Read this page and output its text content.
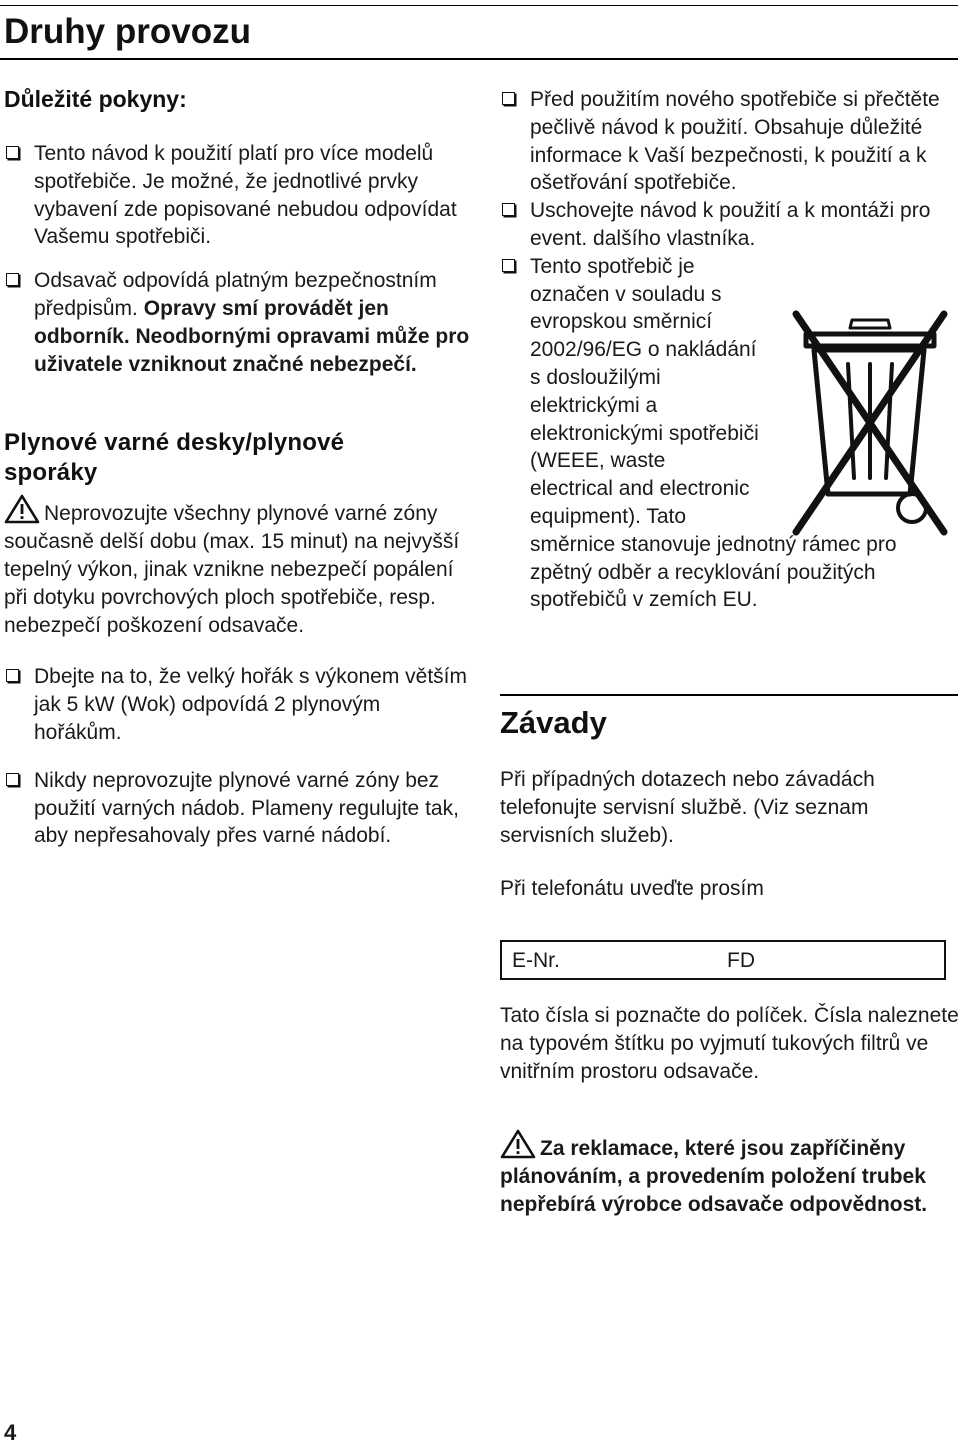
Druhy provozu

Důležité pokyny:

Tento návod k použití platí pro více modelů spotřebiče. Je možné, že jednotlivé prvky vybavení zde popisované nebudou odpovídat Vašemu spotřebiči.

Odsavač odpovídá platným bezpečnostním předpisům. Opravy smí provádět jen odborník. Neodbornými opravami může pro uživatele vzniknout značné nebezpečí.

Plynové varné desky/plynové sporáky

Neprovozujte všechny plynové varné zóny současně delší dobu (max. 15 minut) na nejvyšší tepelný výkon, jinak vznikne nebezpečí popálení při dotyku povrchových ploch spotřebiče, resp. nebezpečí poškození odsavače.

Dbejte na to, že velký hořák s výkonem větším jak 5 kW (Wok) odpovídá 2 plynovým hořákům.

Nikdy neprovozujte plynové varné zóny bez použití varných nádob. Plameny regulujte tak, aby nepřesahovaly přes varné nádobí.

Před použitím nového spotřebiče si přečtěte pečlivě návod k použití. Obsahuje důležité informace k Vaší bezpečnosti, k použití a k ošetřování spotřebiče.

Uschovejte návod k použití a k montáži pro event. dalšího vlastníka.

Tento spotřebič je
označen v souladu s
evropskou směrnicí
2002/96/EG o nakládání
s dosloužilými
elektrickými a
elektronickými spotřebiči
(WEEE, waste
electrical and electronic
equipment). Tato
směrnice stanovuje jednotný rámec pro
zpětný odběr a recyklování použitých
spotřebičů v zemích EU.

Závady

Při případných dotazech nebo závadách telefonujte servisní službě. (Viz seznam servisních služeb).

Při telefonátu uveďte prosím

E-Nr.	FD

Tato čísla si poznačte do políček. Čísla naleznete na typovém štítku po vyjmutí tukových filtrů ve vnitřním prostoru odsavače.

Za reklamace, které jsou zapříčiněny plánováním, a provedením položení trubek nepřebírá výrobce odsavače odpovědnost.

4
